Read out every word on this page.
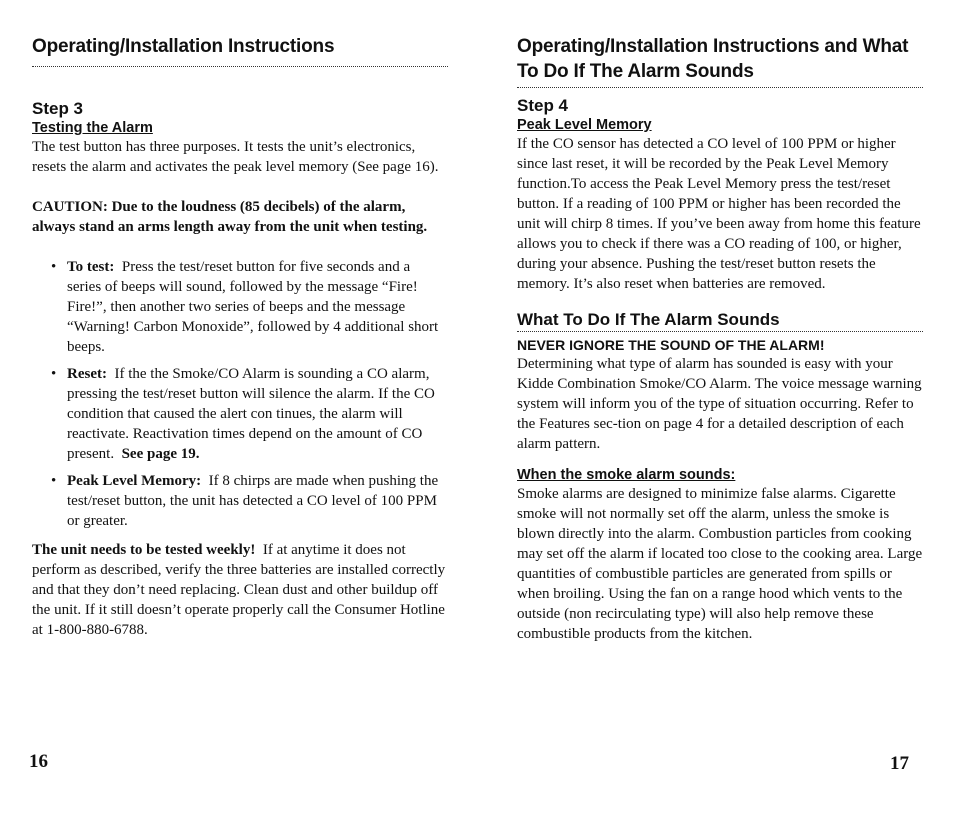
Operating/Installation Instructions
Step 3
Testing the Alarm

The test button has three purposes. It tests the unit’s electronics, resets the alarm and activates the peak level memory (See page 16).

CAUTION: Due to the loudness (85 decibels) of the alarm, always stand an arms length away from the unit when testing.

• To test: Press the test/reset button for five seconds and a series of beeps will sound, followed by the message “Fire! Fire!”, then another two series of beeps and the message “Warning! Carbon Monoxide”, followed by 4 additional short beeps.
• Reset: If the the Smoke/CO Alarm is sounding a CO alarm, pressing the test/reset button will silence the alarm. If the CO condition that caused the alert con tinues, the alarm will reactivate. Reactivation times depend on the amount of CO present. See page 19.
• Peak Level Memory: If 8 chirps are made when pushing the test/reset button, the unit has detected a CO level of 100 PPM or greater.

The unit needs to be tested weekly! If at anytime it does not perform as described, verify the three batteries are installed correctly and that they don’t need replacing. Clean dust and other buildup off the unit. If it still doesn’t operate properly call the Consumer Hotline at 1-800-880-6788.

16
Operating/Installation Instructions and What To Do If The Alarm Sounds
Step 4
Peak Level Memory

If the CO sensor has detected a CO level of 100 PPM or higher since last reset, it will be recorded by the Peak Level Memory function.To access the Peak Level Memory press the test/reset button. If a reading of 100 PPM or higher has been recorded the unit will chirp 8 times. If you’ve been away from home this feature allows you to check if there was a CO reading of 100, or higher, during your absence. Pushing the test/reset button resets the memory. It’s also reset when batteries are removed.

What To Do If The Alarm Sounds
NEVER IGNORE THE SOUND OF THE ALARM!

Determining what type of alarm has sounded is easy with your Kidde Combination Smoke/CO Alarm. The voice message warning system will inform you of the type of situation occurring. Refer to the Features sec-tion on page 4 for a detailed description of each alarm pattern.

When the smoke alarm sounds:

Smoke alarms are designed to minimize false alarms. Cigarette smoke will not normally set off the alarm, unless the smoke is blown directly into the alarm. Combustion particles from cooking may set off the alarm if located too close to the cooking area. Large quantities of combustible particles are generated from spills or when broiling. Using the fan on a range hood which vents to the outside (non recirculating type) will also help remove these combustible products from the kitchen.

17
